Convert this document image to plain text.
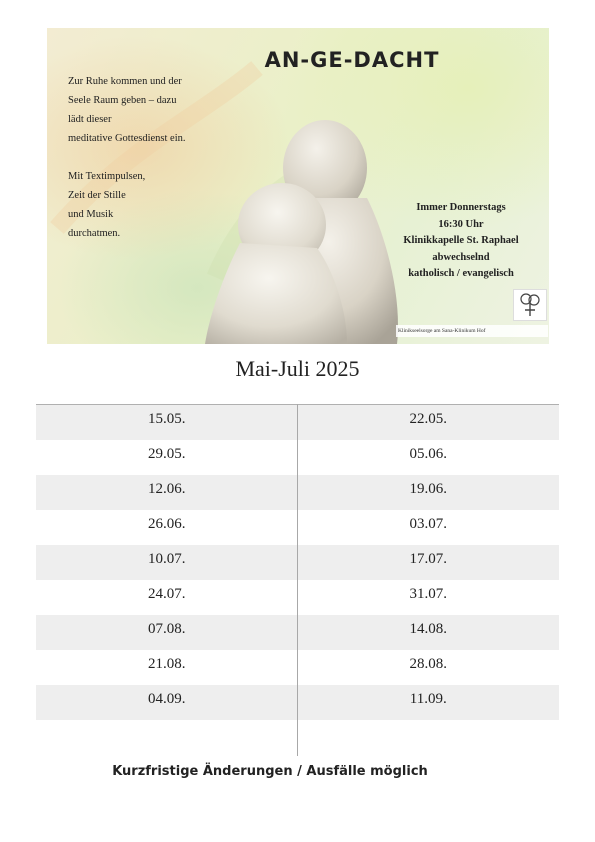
AN-GE-DACHT

Zur Ruhe kommen und der
Seele Raum geben – dazu
lädt dieser
meditative Gottesdienst ein.

Mit Textimpulsen,
Zeit der Stille
und Musik
durchatmen.

Immer Donnerstags
16:30 Uhr
Klinikkapelle St. Raphael
abwechselnd
katholisch / evangelisch
Klinikseelsorge am Sana-Klinikum Hof
Mai-Juli 2025
15.05.	22.05.
29.05.	05.06.
12.06.	19.06.
26.06.	03.07.
10.07.	17.07.
24.07.	31.07.
07.08.	14.08.
21.08.	28.08.
04.09.	11.09.
Kurzfristige Änderungen / Ausfälle möglich
